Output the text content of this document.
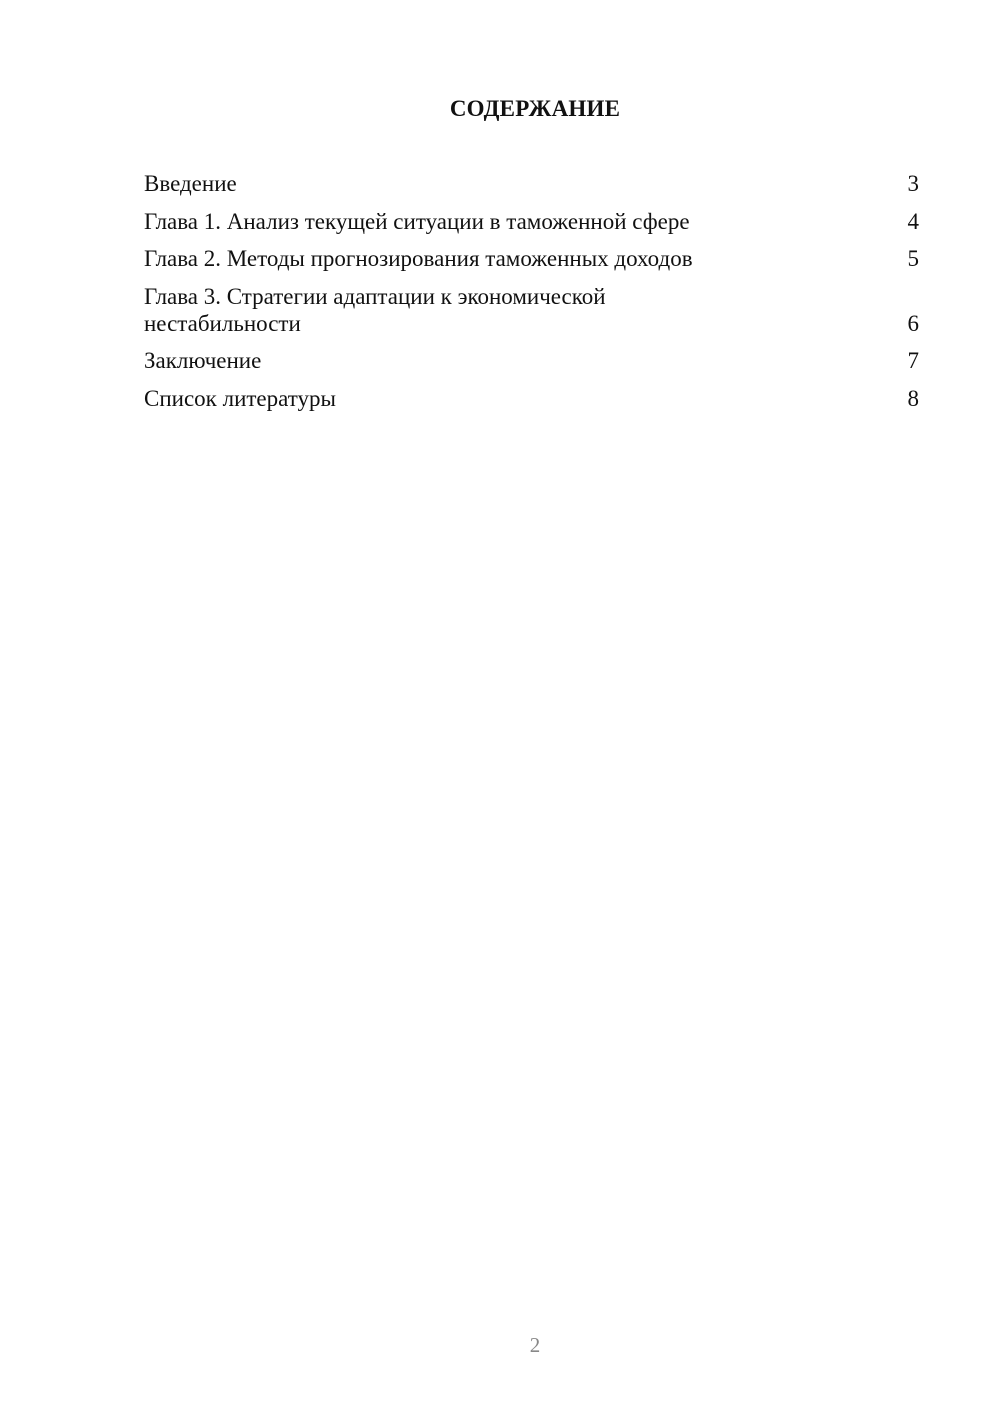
СОДЕРЖАНИЕ
Введение	3
Глава 1. Анализ текущей ситуации в таможенной сфере	4
Глава 2. Методы прогнозирования таможенных доходов	5
Глава 3. Стратегии адаптации к экономической нестабильности	6
Заключение	7
Список литературы	8
2
